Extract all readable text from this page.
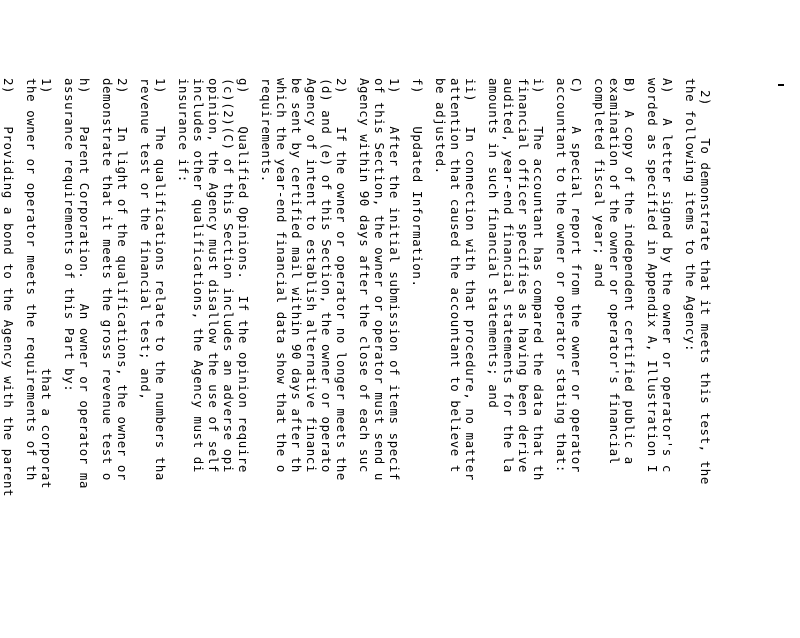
2)    To demonstrate that it meets this test, the
the following items to the Agency:
A)   A letter signed by the owner or operator's c
worded as specified in Appendix A, Illustration I
B)  A copy of the independent certified public a
examination of the owner or operator's financial
completed fiscal year; and
C)    A special report from the owner or operator
accountant to the owner or operator stating that:
i)    The accountant has compared the data that th
financial officer specifies as having been derive
audited, year-end financial statements for the la
amounts in such financial statements; and
ii)   In connection with that procedure, no matter
attention that caused the accountant to believe t
be adjusted.
f)    Updated Information.
1)    After the initial submission of items specif
of this Section, the owner or operator must send u
Agency within 90 days after the close of each suc
2)    If the owner or operator no longer meets the
(d) and (e) of this Section, the owner or operato
Agency of intent to establish alternative financi
be sent by certified mail within 90 days after th
which the year-end financial data show that the o
requirements.
g)    Qualified Opinions.  If the opinion require
(c)(2)(C) of this Section includes an adverse opi
opinion, the Agency must disallow the use of self
includes other qualifications, the Agency must di
insurance if:
1)    The qualifications relate to the numbers tha
revenue test or the financial test; and,
2)    In light of the qualifications, the owner or
demonstrate that it meets the gross revenue test o
h)    Parent Corporation.   An owner or operator ma
assurance requirements of this Part by:
1)                                  that a corporat
the owner or operator meets the requirements of th
2)    Providing a bond to the Agency with the parent
